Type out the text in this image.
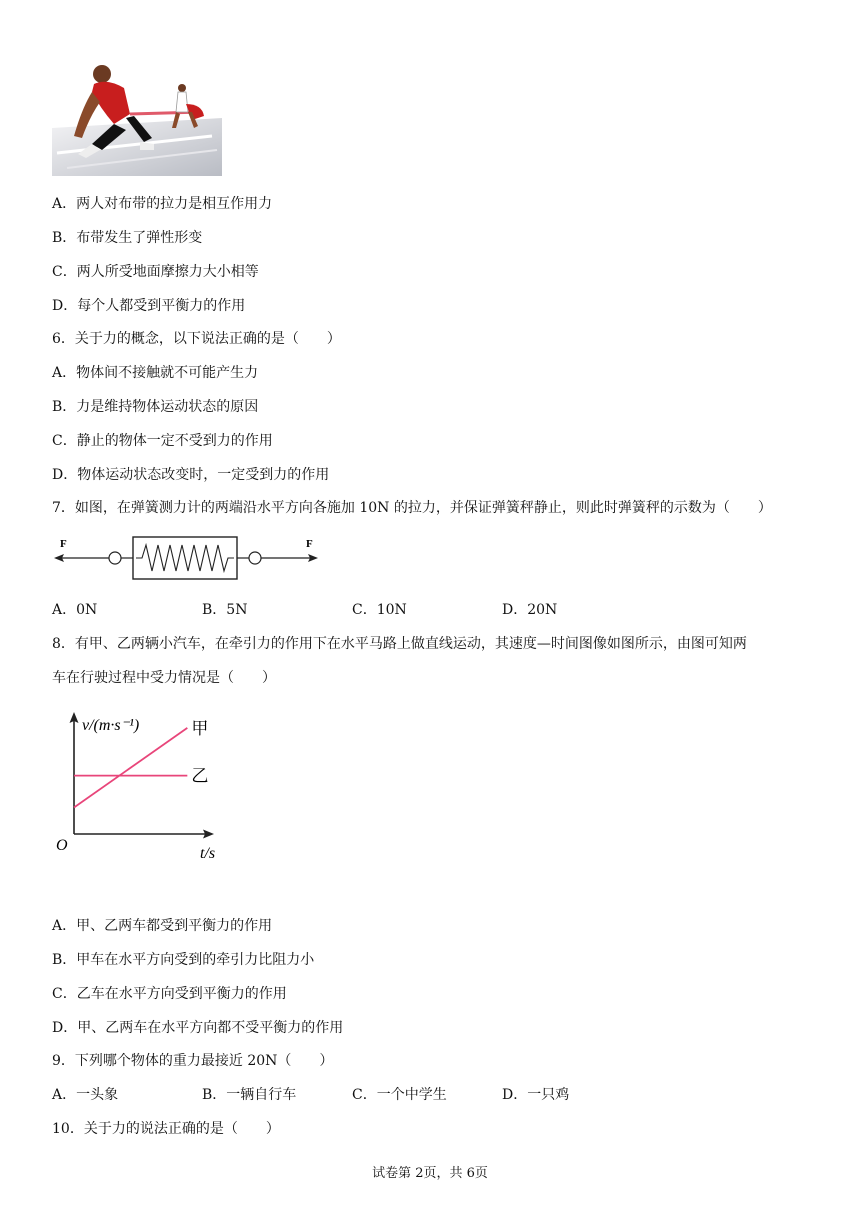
A．两人对布带的拉力是相互作用力
B．布带发生了弹性形变
C．两人所受地面摩擦力大小相等
D．每个人都受到平衡力的作用
6．关于力的概念，以下说法正确的是（　　）
A．物体间不接触就不可能产生力
B．力是维持物体运动状态的原因
C．静止的物体一定不受到力的作用
D．物体运动状态改变时，一定受到力的作用
7．如图，在弹簧测力计的两端沿水平方向各施加 10N 的拉力，并保证弹簧秤静止，则此时弹簧秤的示数为（　　）
F	F
A．0N	B．5N	C．10N	D．20N
8．有甲、乙两辆小汽车，在牵引力的作用下在水平马路上做直线运动，其速度—时间图像如图所示，由图可知两
车在行驶过程中受力情况是（　　）
甲
乙
v/(m·s⁻¹)
t/s
O
A．甲、乙两车都受到平衡力的作用
B．甲车在水平方向受到的牵引力比阻力小
C．乙车在水平方向受到平衡力的作用
D．甲、乙两车在水平方向都不受平衡力的作用
9．下列哪个物体的重力最接近 20N（　　）
A．一头象	B．一辆自行车	C．一个中学生	D．一只鸡
10．关于力的说法正确的是（　　）
试卷第 2页，共 6页
